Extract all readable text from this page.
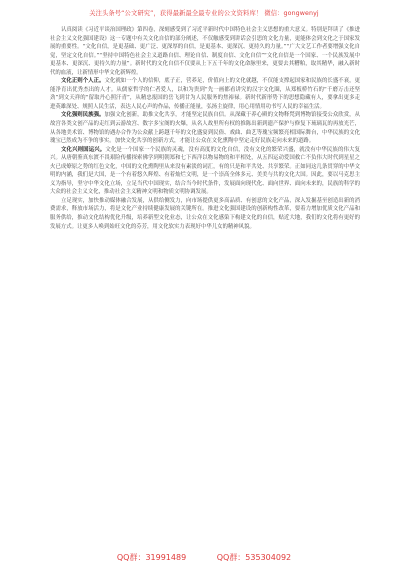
关注头条号“公文研究”，获得最新最全最专业的公文资料库！ 微信：gongwenyj

认真阅读《习近平谈治国理政》第四卷，深刻感受到了习近平新时代中国特色社会主义思想的重大意义。特别是拜读了《推进社会主义文化强国建设》这一专题中有关文化自信的部分阐述，不仅触感受到讲话会引思的文化力量，更能体会到文化之于国家发展的重要性。“文化自信，是更基础、更广泛、更深厚的自信，是更基本、更深沉、更持久的力量。”“广大文艺工作者要增强文化自觉，坚定文化自信。”“坚持中国特色社会主义道路自信、理论自信、制度自信、文化自信”“文化自信是一个国家、一个民族发展中更基本、更深沉、更持久的力量”。新时代的文化自信不仅要从上下五千年的文化命脉里来，更要去其糟粕，取其精华，融入新时代的血液，让新情形中华文化新辉煌。

文化正则个人正。文化就如一个人的信仰，底子正，营养足，价值向上的文化就越，不仅能支撑起国家和民族的长盛不衰，更能净育出优秀杰出的人才。从儒家哲学的仁者爱人，以和为贵到“先一画都看讲究的汉字文化圈，从郑板桥竹石的“千磨万击还坚劲”到文天祥的“留取丹心照汗青”，从精忠报国的岳飞到甘为人民服务的焦裕禄。新时代新形势下的思想隐藏有人，要拿出更多走进英雄深处、规照人民生活，表达人民心声的作品，传播正能量，弘扬主旋律，用心用情用功书写人民的幸福生活。

文化强则民族强。加强文化创新，助推文化共享，才能坚定民族自信。从深藏于养心殿的文物释梵到博物馆接受公众欣赏，从故宫各类文创产品的走红到云游故宫、数字多宝阁的火爆，从名人故里所有权的推陈出新到遗产保护与修复下琉璃瓦的再放光芒，从各地美术馆、博物馆的遇办合作为公众献上跨越千年的文化盛宴到民俗、戏曲、曲艺等瑰宝频繁亮相国际舞台，中华民族的文化瑰宝已然成为不争的事实。加快文化共享的创新方式，才能让公众在文化熏陶中坚定走好民族走向未来的道路。

文化兴则国运兴。文化是一个国家一个民族的灵魂，没有高度的文化自信，没有文化的繁荣兴盛，就没有中华民族的伟大复兴。从唐朝鉴真东渡不畏艰险传播探索佛学到明朝郑和七下西洋以物易物的和平相处，从五四运动爱国救亡不负伟大时代到星星之火已成燎原之势的红色文化，中国的文化熏陶里从来没有素淡的词汇，有的只是和平共处、共享繁荣。正如同这几条贯穿的中华文明的内涵，我们是大国，是一个有着悠久辉煌、有着灿烂文明，是一个崇高全体多元、美美与共的文化大国。因此，要以马克思主义为指导，坚守中华文化立场，立足当代中国现实，结合当今时代条件，发展面向现代化、面向世界、面向未来的，民族的科学的大众的社会主义文化，推动社会主义精神文明和物质文明协调发展。

立足现实，加快推动媒体融合发展，从供给侧发力，向市场提供更多高品质、有创意的文化产品，深入发掘基至创造出新的消费需求，释放市场活力，将是文化产业持续健康发展的关键所在。推进文化强国建设的创新构性改革，要着力增加优质文化产品和服务供给，推动文化结构优化升级，培养新型文化业态，让公众在文化感染下构建文化的自信，贴近大地，我们的文化将有更好的发展方式。让更多人唤到始旺文化的芬芳，用文化软实力表现好中华儿女的精神风貌。

QQ群：31991489	QQ群：535304092
